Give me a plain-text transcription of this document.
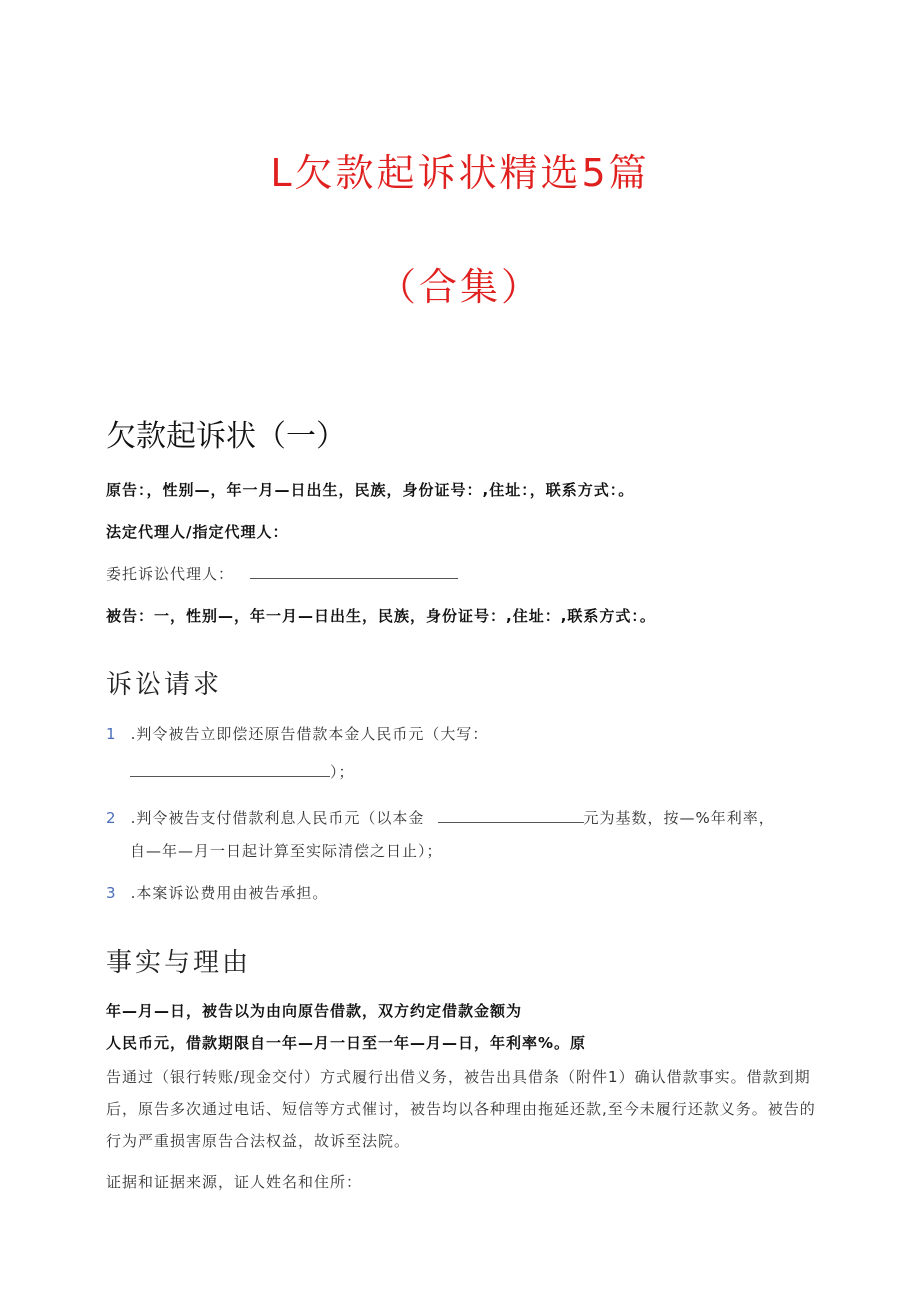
L欠款起诉状精选5篇
（合集）
欠款起诉状（一）
原告：，性别—，年一月—日出生，民族，身份证号：,住址：，联系方式：。
法定代理人/指定代理人：
委托诉讼代理人：
被告：一，性别—，年一月—日出生，民族，身份证号：,住址：,联系方式：。
诉讼请求
1 .判令被告立即偿还原告借款本金人民币元（大写：
）；
2 .判令被告支付借款利息人民币元（以本金	元为基数，按—%年利率，
自—年—月一日起计算至实际清偿之日止）；
3 .本案诉讼费用由被告承担。
事实与理由
年—月—日，被告以为由向原告借款，双方约定借款金额为
人民币元，借款期限自一年—月一日至一年—月—日，年利率%。原
告通过（银行转账/现金交付）方式履行出借义务，被告出具借条（附件1）确认借款事实。借款到期
后，原告多次通过电话、短信等方式催讨，被告均以各种理由拖延还款,至今未履行还款义务。被告的
行为严重损害原告合法权益，故诉至法院。
证据和证据来源，证人姓名和住所：
